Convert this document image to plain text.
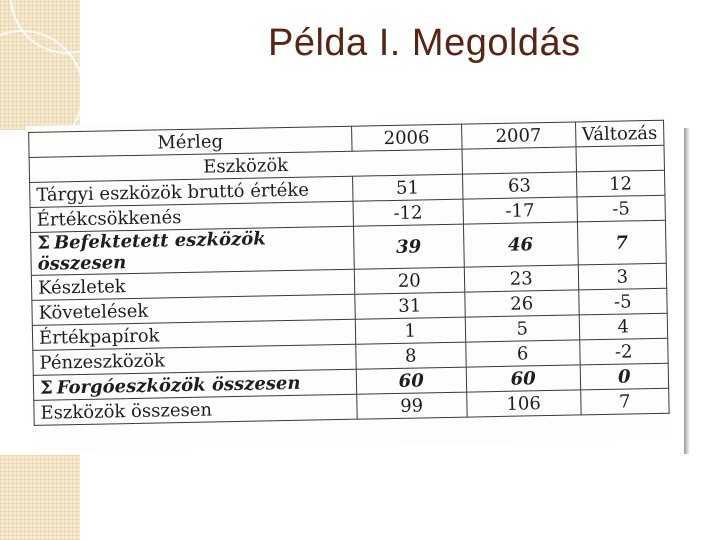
Példa I. Megoldás
Mérleg	2006	2007	Változás
Eszközök			
Tárgyi eszközök bruttó értéke	51	63	12
Értékcsökkenés	-12	-17	-5
Σ Befektetett eszközök összesen	39	46	7
Készletek	20	23	3
Követelések	31	26	-5
Értékpapírok	1	5	4
Pénzeszközök	8	6	-2
Σ Forgóeszközök összesen	60	60	0
Eszközök összesen	99	106	7
